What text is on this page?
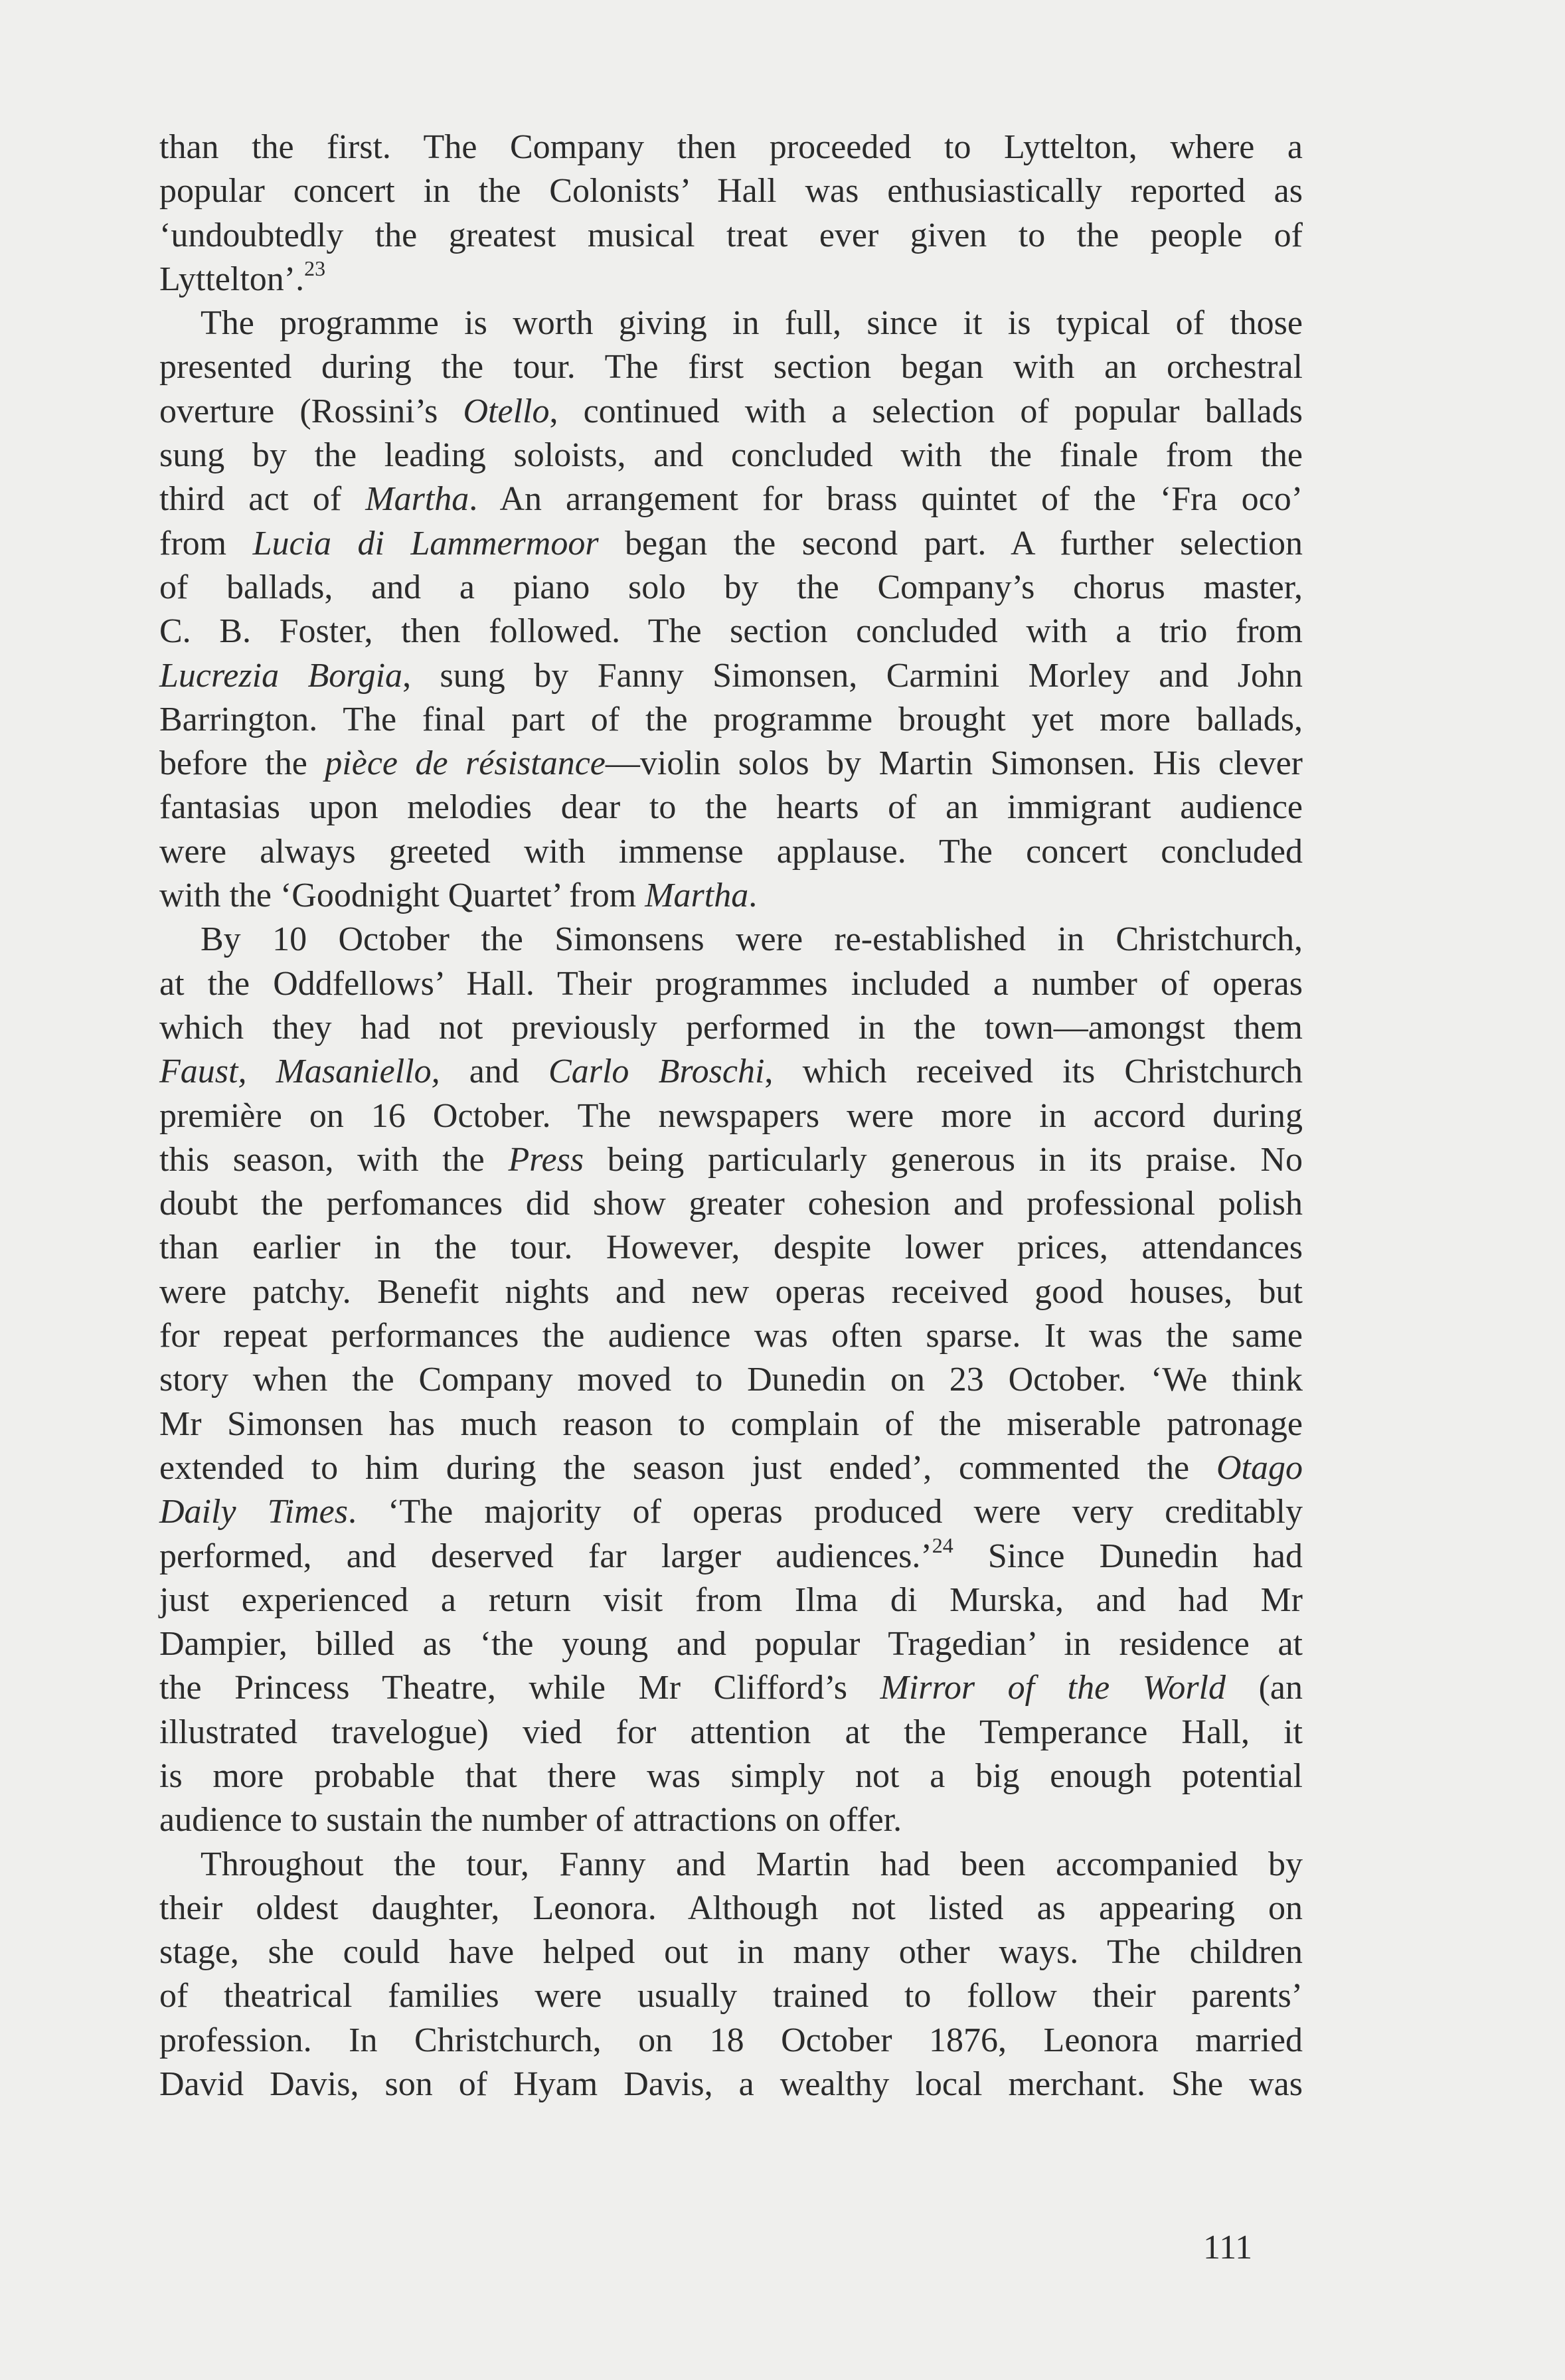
than the first. The Company then proceeded to Lyttelton, where a
popular concert in the Colonists’ Hall was enthusiastically reported as
‘undoubtedly the greatest musical treat ever given to the people of
Lyttelton’.$^{23}$
The programme is worth giving in full, since it is typical of those
presented during the tour. The first section began with an orchestral
overture (Rossini’s Otello, continued with a selection of popular ballads
sung by the leading soloists, and concluded with the finale from the
third act of Martha. An arrangement for brass quintet of the ‘Fra oco’
from Lucia di Lammermoor began the second part. A further selection
of ballads, and a piano solo by the Company’s chorus master,
C. B. Foster, then followed. The section concluded with a trio from
Lucrezia Borgia, sung by Fanny Simonsen, Carmini Morley and John
Barrington. The final part of the programme brought yet more ballads,
before the pièce de résistance—violin solos by Martin Simonsen. His clever
fantasias upon melodies dear to the hearts of an immigrant audience
were always greeted with immense applause. The concert concluded
with the ‘Goodnight Quartet’ from Martha.
By 10 October the Simonsens were re-established in Christchurch,
at the Oddfellows’ Hall. Their programmes included a number of operas
which they had not previously performed in the town—amongst them
Faust, Masaniello, and Carlo Broschi, which received its Christchurch
première on 16 October. The newspapers were more in accord during
this season, with the Press being particularly generous in its praise. No
doubt the perfomances did show greater cohesion and professional polish
than earlier in the tour. However, despite lower prices, attendances
were patchy. Benefit nights and new operas received good houses, but
for repeat performances the audience was often sparse. It was the same
story when the Company moved to Dunedin on 23 October. ‘We think
Mr Simonsen has much reason to complain of the miserable patronage
extended to him during the season just ended’, commented the Otago
Daily Times. ‘The majority of operas produced were very creditably
performed, and deserved far larger audiences.’$^{24}$ Since Dunedin had
just experienced a return visit from Ilma di Murska, and had Mr
Dampier, billed as ‘the young and popular Tragedian’ in residence at
the Princess Theatre, while Mr Clifford’s Mirror of the World (an
illustrated travelogue) vied for attention at the Temperance Hall, it
is more probable that there was simply not a big enough potential
audience to sustain the number of attractions on offer.
Throughout the tour, Fanny and Martin had been accompanied by
their oldest daughter, Leonora. Although not listed as appearing on
stage, she could have helped out in many other ways. The children
of theatrical families were usually trained to follow their parents’
profession. In Christchurch, on 18 October 1876, Leonora married
David Davis, son of Hyam Davis, a wealthy local merchant. She was
111
